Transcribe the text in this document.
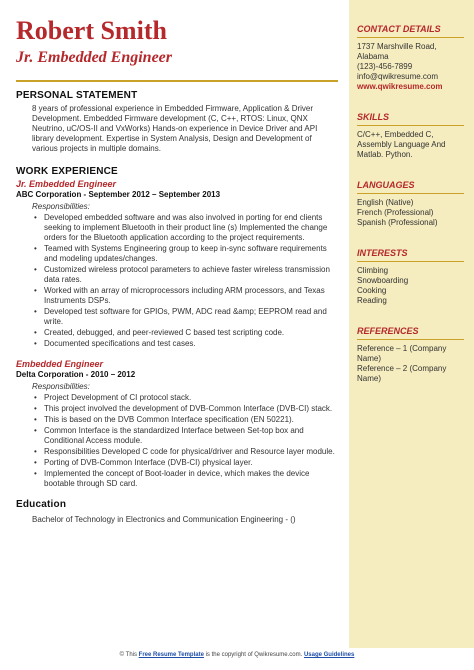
Robert Smith
Jr. Embedded Engineer
PERSONAL STATEMENT
8 years of professional experience in Embedded Firmware, Application & Driver Development. Embedded Firmware development (C, C++, RTOS: Linux, QNX Neutrino, uC/OS-II and VxWorks) Hands-on experience in Device Driver and API library development. Expertise in System Analysis, Design and Development of various projects in multiple domains.
WORK EXPERIENCE
Jr. Embedded Engineer
ABC Corporation - September 2012 – September 2013
Responsibilities:
• Developed embedded software and was also involved in porting for end clients seeking to implement Bluetooth in their product line (s) Implemented the change orders for the Bluetooth application according to the project requirements.
• Teamed with Systems Engineering group to keep in-sync software requirements and modeling updates/changes.
• Customized wireless protocol parameters to achieve faster wireless transmission data rates.
• Worked with an array of microprocessors including ARM processors, and Texas Instruments DSPs.
• Developed test software for GPIOs, PWM, ADC read &amp; EEPROM read and write.
• Created, debugged, and peer-reviewed C based test scripting code.
• Documented specifications and test cases.
Embedded Engineer
Delta Corporation - 2010 – 2012
Responsibilities:
• Project Development of CI protocol stack.
• This project involved the development of DVB-Common Interface (DVB-CI) stack.
• This is based on the DVB Common Interface specification (EN 50221).
• Common Interface is the standardized Interface between Set-top box and Conditional Access module.
• Responsibilities Developed C code for physical/driver and Resource layer module.
• Porting of DVB-Common Interface (DVB-CI) physical layer.
• Implemented the concept of Boot-loader in device, which makes the device bootable through SD card.
Education
Bachelor of Technology in Electronics and Communication Engineering - ()
CONTACT DETAILS
1737 Marshville Road,
Alabama
(123)-456-7899
info@qwikresume.com
www.qwikresume.com
SKILLS
C/C++, Embedded C, Assembly Language And Matlab. Python.
LANGUAGES
English (Native)
French (Professional)
Spanish (Professional)
INTERESTS
Climbing
Snowboarding
Cooking
Reading
REFERENCES
Reference – 1 (Company Name)
Reference – 2 (Company Name)
© This Free Resume Template is the copyright of Qwikresume.com. Usage Guidelines
